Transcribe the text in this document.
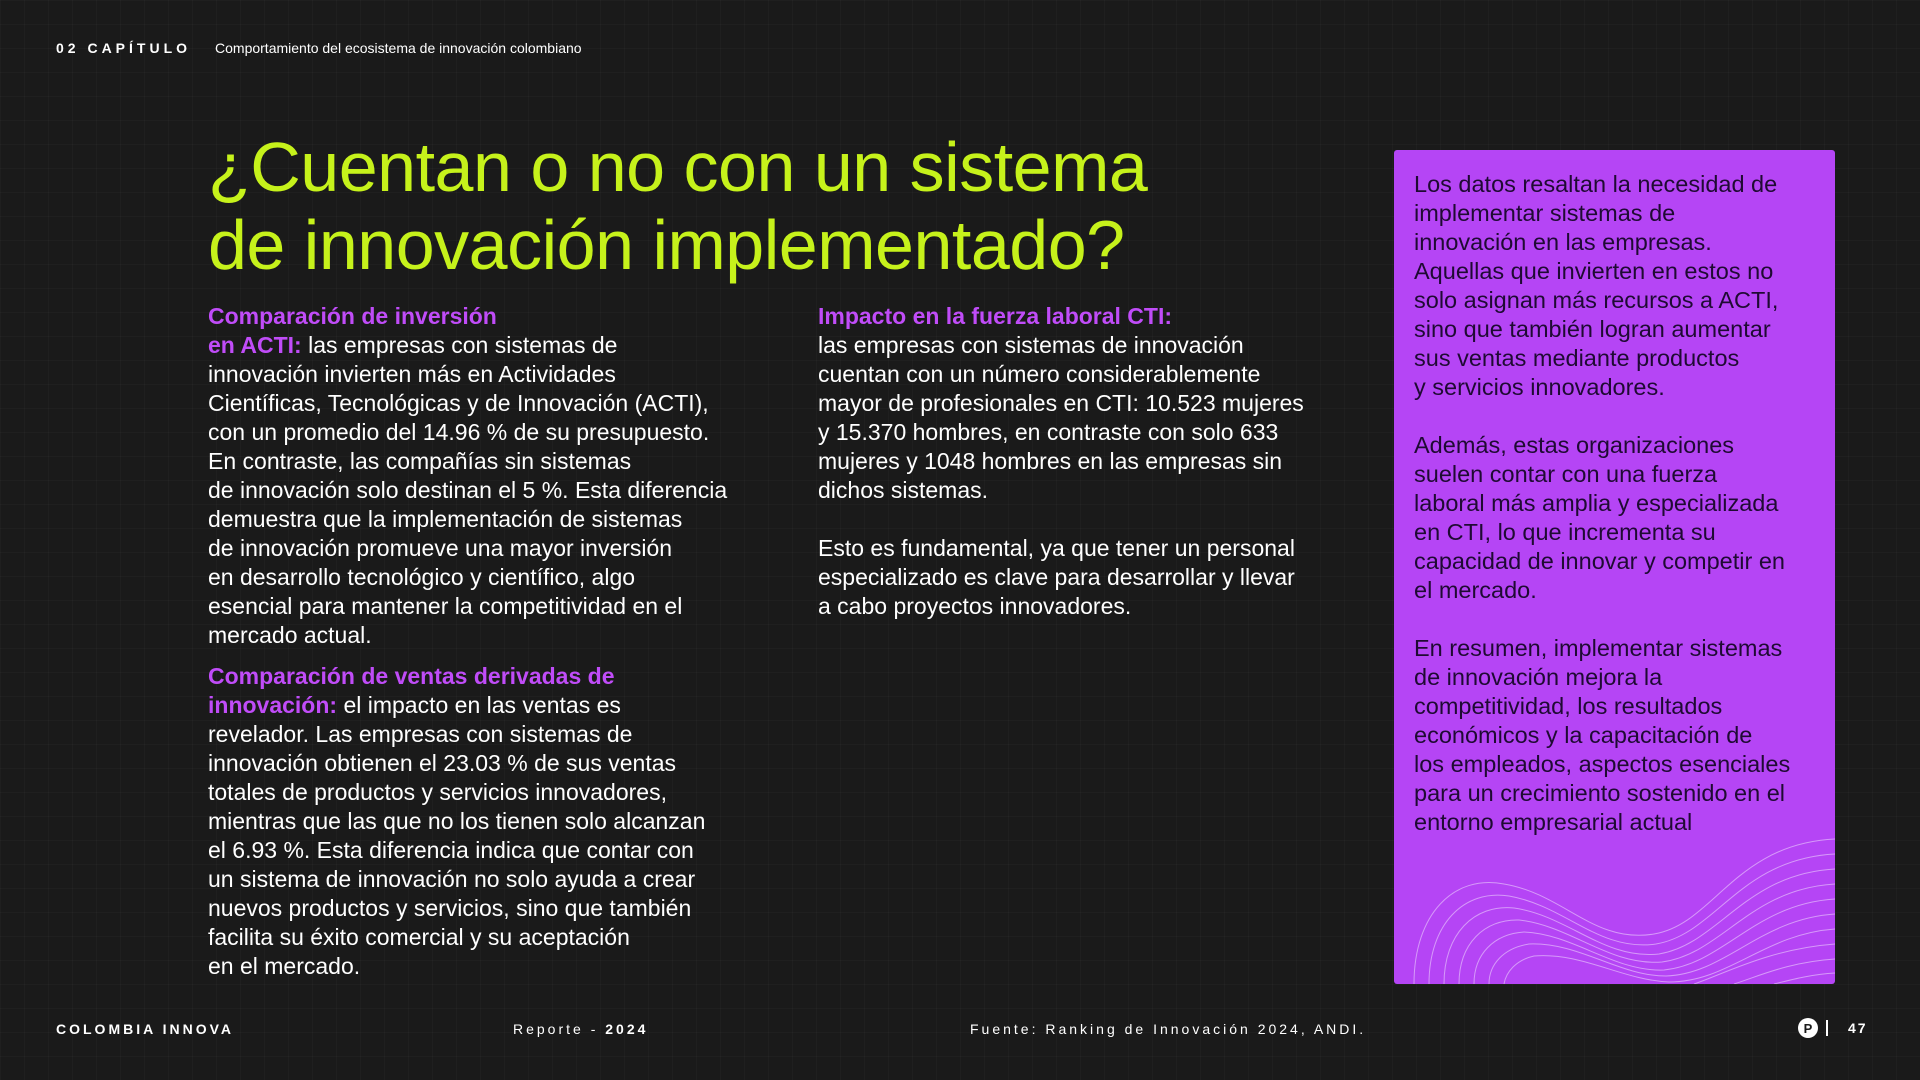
02 CAPÍTULO Comportamiento del ecosistema de innovación colombiano
¿Cuentan o no con un sistema
de innovación implementado?

Comparación de inversión
en ACTI: las empresas con sistemas de
innovación invierten más en Actividades
Científicas, Tecnológicas y de Innovación (ACTI),
con un promedio del 14.96 % de su presupuesto.
En contraste, las compañías sin sistemas
de innovación solo destinan el 5 %. Esta diferencia
demuestra que la implementación de sistemas
de innovación promueve una mayor inversión
en desarrollo tecnológico y científico, algo
esencial para mantener la competitividad en el
mercado actual.

Comparación de ventas derivadas de
innovación: el impacto en las ventas es
revelador. Las empresas con sistemas de
innovación obtienen el 23.03 % de sus ventas
totales de productos y servicios innovadores,
mientras que las que no los tienen solo alcanzan
el 6.93 %. Esta diferencia indica que contar con
un sistema de innovación no solo ayuda a crear
nuevos productos y servicios, sino que también
facilita su éxito comercial y su aceptación
en el mercado.

Impacto en la fuerza laboral CTI:

las empresas con sistemas de innovación
cuentan con un número considerablemente
mayor de profesionales en CTI: 10.523 mujeres
y 15.370 hombres, en contraste con solo 633
mujeres y 1048 hombres en las empresas sin
dichos sistemas.

Esto es fundamental, ya que tener un personal
especializado es clave para desarrollar y llevar
a cabo proyectos innovadores.

Los datos resaltan la necesidad de
implementar sistemas de
innovación en las empresas.
Aquellas que invierten en estos no
solo asignan más recursos a ACTI,
sino que también logran aumentar
sus ventas mediante productos
y servicios innovadores.

Además, estas organizaciones
suelen contar con una fuerza
laboral más amplia y especializada
en CTI, lo que incrementa su
capacidad de innovar y competir en
el mercado.

En resumen, implementar sistemas
de innovación mejora la
competitividad, los resultados
económicos y la capacitación de
los empleados, aspectos esenciales
para un crecimiento sostenido en el
entorno empresarial actual

COLOMBIA INNOVA	Reporte - 2024	Fuente: Ranking de Innovación 2024, ANDI.	P	47
